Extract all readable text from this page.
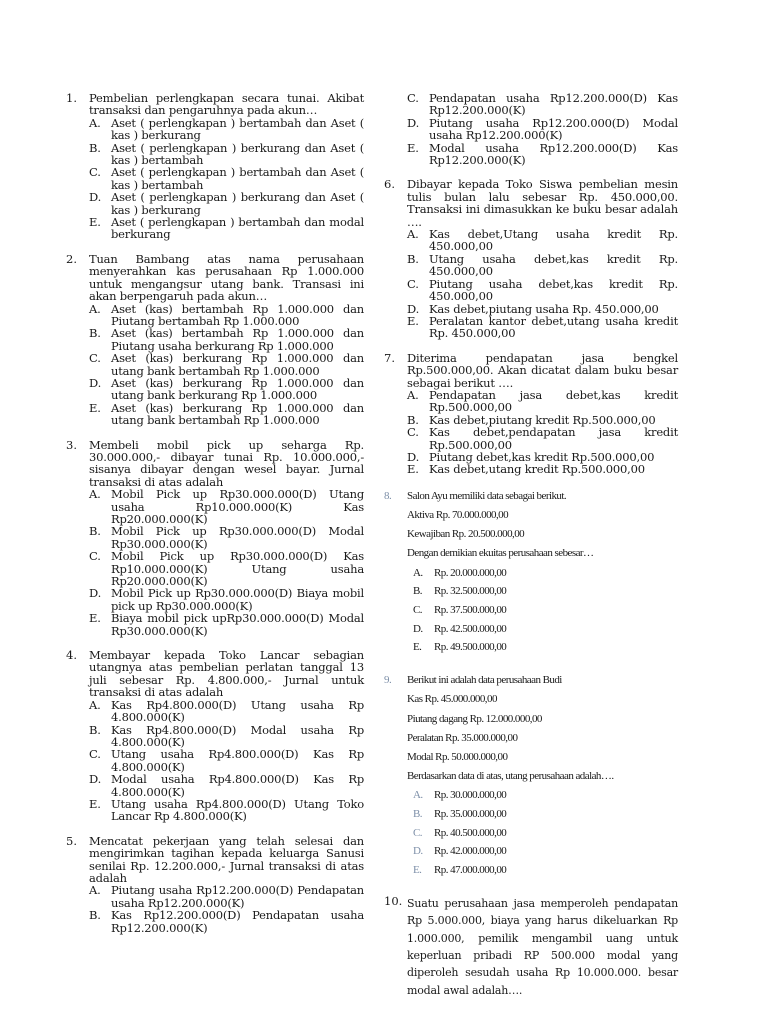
1. Pembelian perlengkapan secara tunai. Akibat transaksi dan pengaruhnya pada akun…
A. Aset ( perlengkapan ) bertambah dan Aset ( kas ) berkurang
B. Aset ( perlengkapan ) berkurang dan Aset ( kas ) bertambah
C. Aset ( perlengkapan ) bertambah dan Aset ( kas ) bertambah
D. Aset ( perlengkapan ) berkurang dan Aset ( kas ) berkurang
E. Aset ( perlengkapan ) bertambah dan modal berkurang
2. Tuan Bambang atas nama perusahaan menyerahkan kas perusahaan Rp 1.000.000 untuk mengangsur utang bank. Transasi ini akan berpengaruh pada akun…
A. Aset (kas) bertambah Rp 1.000.000 dan Piutang bertambah Rp 1.000.000
B. Aset (kas) bertambah Rp 1.000.000 dan Piutang usaha berkurang Rp 1.000.000
C. Aset (kas) berkurang Rp 1.000.000 dan utang bank bertambah Rp 1.000.000
D. Aset (kas) berkurang Rp 1.000.000 dan utang bank berkurang Rp 1.000.000
E. Aset (kas) berkurang Rp 1.000.000 dan utang bank bertambah Rp 1.000.000
3. Membeli mobil pick up seharga Rp. 30.000.000,- dibayar tunai Rp. 10.000.000,-sisanya dibayar dengan wesel bayar. Jurnal transaksi di atas adalah
A. Mobil Pick up Rp30.000.000(D) Utang usaha Rp10.000.000(K) Kas Rp20.000.000(K)
B. Mobil Pick up Rp30.000.000(D) Modal Rp30.000.000(K)
C. Mobil Pick up Rp30.000.000(D) Kas Rp10.000.000(K) Utang usaha Rp20.000.000(K)
D. Mobil Pick up Rp30.000.000(D) Biaya mobil pick up Rp30.000.000(K)
E. Biaya mobil pick upRp30.000.000(D) Modal Rp30.000.000(K)
4. Membayar kepada Toko Lancar sebagian utangnya atas pembelian perlatan tanggal 13 juli sebesar Rp. 4.800.000,- Jurnal untuk transaksi di atas adalah
A. Kas Rp4.800.000(D) Utang usaha Rp 4.800.000(K)
B. Kas Rp4.800.000(D) Modal usaha Rp 4.800.000(K)
C. Utang usaha Rp4.800.000(D) Kas Rp 4.800.000(K)
D. Modal usaha Rp4.800.000(D) Kas Rp 4.800.000(K)
E. Utang usaha Rp4.800.000(D) Utang Toko Lancar Rp 4.800.000(K)
5. Mencatat pekerjaan yang telah selesai dan mengirimkan tagihan kepada keluarga Sanusi senilai Rp. 12.200.000,- Jurnal transaksi di atas adalah
A. Piutang usaha Rp12.200.000(D) Pendapatan usaha Rp12.200.000(K)
B. Kas Rp12.200.000(D) Pendapatan usaha Rp12.200.000(K)
C. Pendapatan usaha Rp12.200.000(D) Kas Rp12.200.000(K)
D. Piutang usaha Rp12.200.000(D) Modal usaha Rp12.200.000(K)
E. Modal usaha Rp12.200.000(D) Kas Rp12.200.000(K)
6. Dibayar kepada Toko Siswa pembelian mesin tulis bulan lalu sebesar Rp. 450.000,00. Transaksi ini dimasukkan ke buku besar adalah ….
A. Kas debet,Utang usaha kredit Rp. 450.000,00
B. Utang usaha debet,kas kredit Rp. 450.000,00
C. Piutang usaha debet,kas kredit Rp. 450.000,00
D. Kas debet,piutang usaha Rp. 450.000,00
E. Peralatan kantor debet,utang usaha kredit Rp. 450.000,00
7. Diterima pendapatan jasa bengkel Rp.500.000,00. Akan dicatat dalam buku besar sebagai berikut ….
A. Pendapatan jasa debet,kas kredit Rp.500.000,00
B. Kas debet,piutang kredit Rp.500.000,00
C. Kas debet,pendapatan jasa kredit Rp.500.000,00
D. Piutang debet,kas kredit Rp.500.000,00
E. Kas debet,utang kredit Rp.500.000,00
8. Salon Ayu memiliki data sebagai berikut.
Aktiva Rp. 70.000.000,00
Kewajiban Rp. 20.500.000,00
Dengan demikian ekuitas perusahaan sebesar…
A. Rp. 20.000.000,00
B. Rp. 32.500.000,00
C. Rp. 37.500.000,00
D. Rp. 42.500.000,00
E. Rp. 49.500.000,00
9. Berikut ini adalah data perusahaan Budi
Kas Rp. 45.000.000,00
Piutang dagang Rp. 12.000.000,00
Peralatan Rp. 35.000.000,00
Modal Rp. 50.000.000,00
Berdasarkan data di atas, utang perusahaan adalah….
A. Rp. 30.000.000,00
B. Rp. 35.000.000,00
C. Rp. 40.500.000,00
D. Rp. 42.000.000,00
E. Rp. 47.000.000,00
10. Suatu perusahaan jasa memperoleh pendapatan Rp 5.000.000, biaya yang harus dikeluarkan Rp 1.000.000, pemilik mengambil uang untuk keperluan pribadi RP 500.000 modal yang diperoleh sesudah usaha Rp 10.000.000. besar modal awal adalah….
